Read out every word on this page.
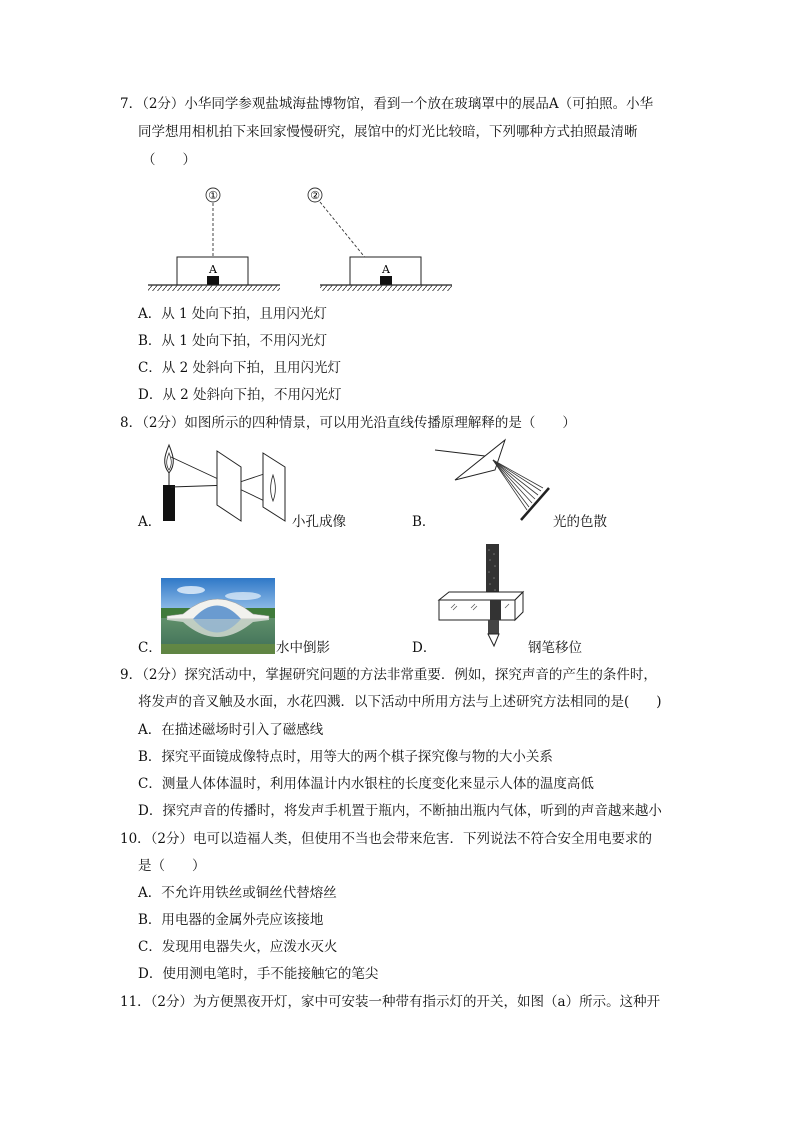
7．（2分）小华同学参观盐城海盐博物馆，看到一个放在玻璃罩中的展品A（可拍照。小华
同学想用相机拍下来回家慢慢研究，展馆中的灯光比较暗，下列哪种方式拍照最清晰
（　　）
①
A
②
A
A．从 1 处向下拍，且用闪光灯
B．从 1 处向下拍，不用闪光灯
C．从 2 处斜向下拍，且用闪光灯
D．从 2 处斜向下拍，不用闪光灯
8．（2分）如图所示的四种情景，可以用光沿直线传播原理解释的是（　　）
A．	小孔成像	B．	光的色散
C．	水中倒影	D．	钢笔移位
9．（2分）探究活动中，掌握研究问题的方法非常重要．例如，探究声音的产生的条件时，
将发声的音叉触及水面，水花四溅．以下活动中所用方法与上述研究方法相同的是(　　)
A．在描述磁场时引入了磁感线
B．探究平面镜成像特点时，用等大的两个棋子探究像与物的大小关系
C．测量人体体温时，利用体温计内水银柱的长度变化来显示人体的温度高低
D．探究声音的传播时，将发声手机置于瓶内，不断抽出瓶内气体，听到的声音越来越小
10．（2分）电可以造福人类，但使用不当也会带来危害．下列说法不符合安全用电要求的
是（　　）
A．不允许用铁丝或铜丝代替熔丝
B．用电器的金属外壳应该接地
C．发现用电器失火，应泼水灭火
D．使用测电笔时，手不能接触它的笔尖
11．（2分）为方便黑夜开灯，家中可安装一种带有指示灯的开关，如图（a）所示。这种开
